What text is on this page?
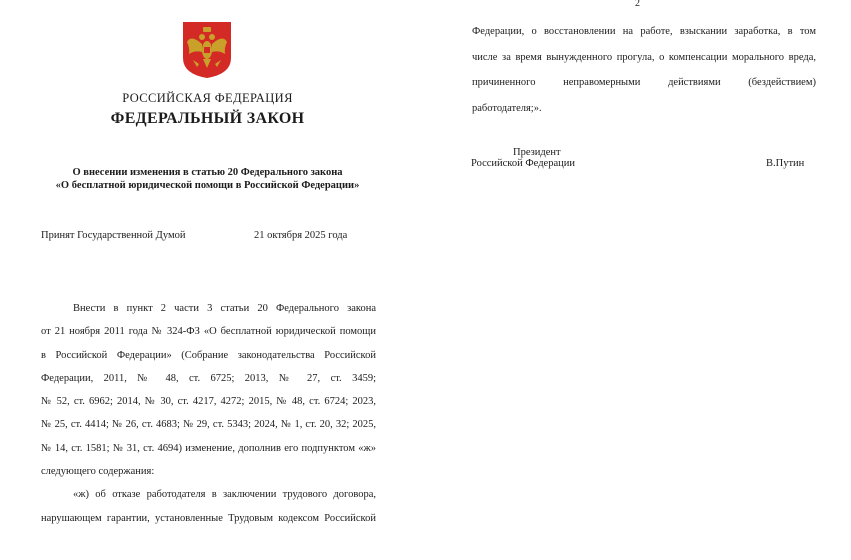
РОССИЙСКАЯ ФЕДЕРАЦИЯ
ФЕДЕРАЛЬНЫЙ ЗАКОН
О внесении изменения в статью 20 Федерального закона
«О бесплатной юридической помощи в Российской Федерации»
Принят Государственной Думой	21 октября 2025 года
Внести в пункт 2 части 3 статьи 20 Федерального закона
от 21 ноября 2011 года № 324-ФЗ «О бесплатной юридической помощи
в Российской Федерации» (Собрание законодательства Российской
Федерации, 2011, № 48, ст. 6725; 2013, № 27, ст. 3459;
№ 52, ст. 6962; 2014, № 30, ст. 4217, 4272; 2015, № 48, ст. 6724; 2023,
№ 25, ст. 4414; № 26, ст. 4683; № 29, ст. 5343; 2024, № 1, ст. 20, 32; 2025,
№ 14, ст. 1581; № 31, ст. 4694) изменение, дополнив его подпунктом «ж»
следующего содержания:
«ж) об отказе работодателя в заключении трудового договора,
нарушающем гарантии, установленные Трудовым кодексом Российской
2
Федерации, о восстановлении на работе, взыскании заработка, в том
числе за время вынужденного прогула, о компенсации морального вреда,
причиненного неправомерными действиями (бездействием)
работодателя;».
Президент
Российской Федерации	В.Путин
